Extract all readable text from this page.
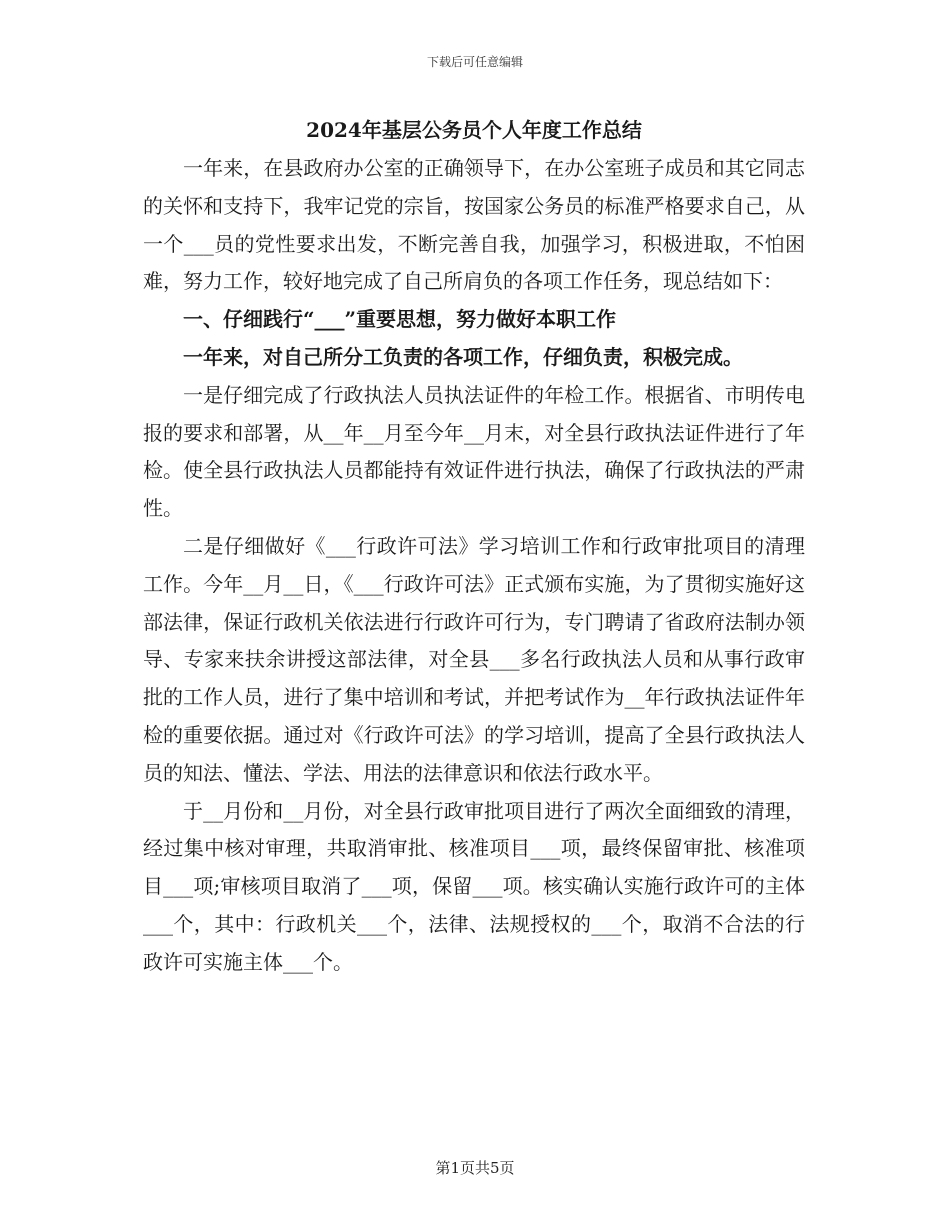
下载后可任意编辑
2024年基层公务员个人年度工作总结

一年来，在县政府办公室的正确领导下，在办公室班子成员和其它同志的关怀和支持下，我牢记党的宗旨，按国家公务员的标准严格要求自己，从一个___员的党性要求出发，不断完善自我，加强学习，积极进取，不怕困难，努力工作，较好地完成了自己所肩负的各项工作任务，现总结如下：

一、仔细践行“___”重要思想，努力做好本职工作

一年来，对自己所分工负责的各项工作，仔细负责，积极完成。

一是仔细完成了行政执法人员执法证件的年检工作。根据省、市明传电报的要求和部署，从__年__月至今年__月末，对全县行政执法证件进行了年检。使全县行政执法人员都能持有效证件进行执法，确保了行政执法的严肃性。

二是仔细做好《___行政许可法》学习培训工作和行政审批项目的清理工作。今年__月__日，《___行政许可法》正式颁布实施，为了贯彻实施好这部法律，保证行政机关依法进行行政许可行为，专门聘请了省政府法制办领导、专家来扶余讲授这部法律，对全县___多名行政执法人员和从事行政审批的工作人员，进行了集中培训和考试，并把考试作为__年行政执法证件年检的重要依据。通过对《行政许可法》的学习培训，提高了全县行政执法人员的知法、懂法、学法、用法的法律意识和依法行政水平。

于__月份和__月份，对全县行政审批项目进行了两次全面细致的清理，经过集中核对审理，共取消审批、核准项目___项，最终保留审批、核准项目___项;审核项目取消了___项，保留___项。核实确认实施行政许可的主体___个，其中：行政机关___个，法律、法规授权的___个，取消不合法的行政许可实施主体___个。

第1页共5页
